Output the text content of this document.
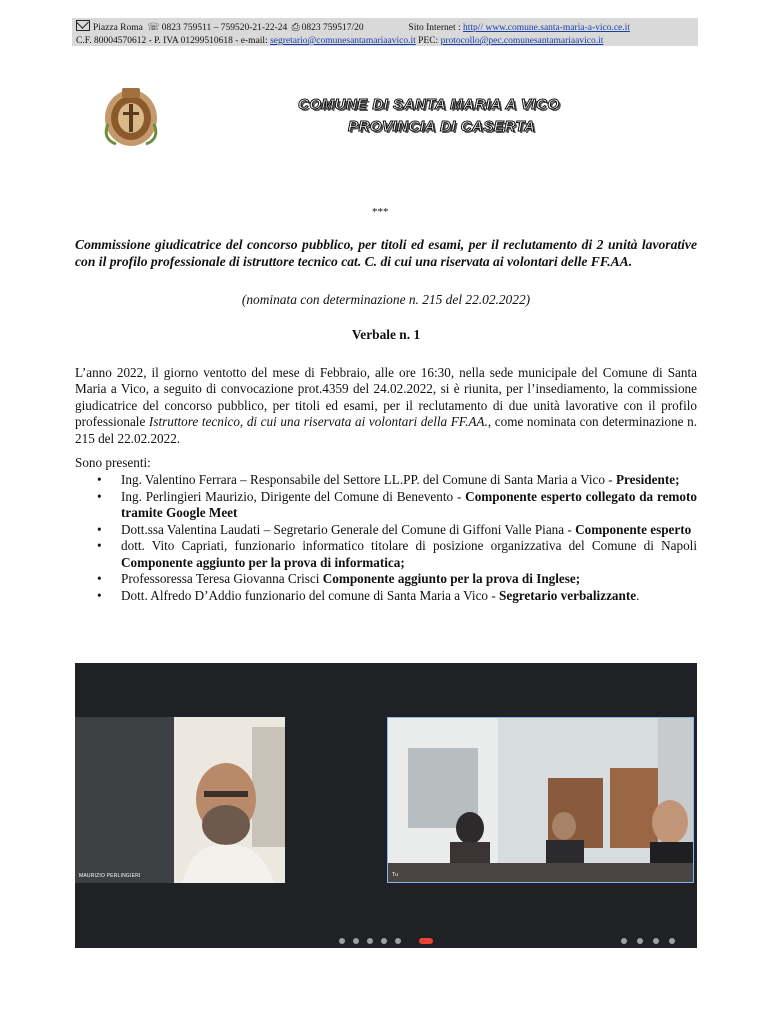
Piazza Roma ☏ 0823 759511 – 759520-21-22-24 ⎙ 0823 759517/20	Sito Internet : http// www.comune.santa-maria-a-vico.ce.it
C.F. 80004570612 - P. IVA 01299510618 - e-mail: segretario@comunesantamariaavico.it PEC: protocollo@pec.comunesantamariaavico.it
COMUNE DI SANTA MARIA A VICO
PROVINCIA DI CASERTA
***
Commissione giudicatrice del concorso pubblico, per titoli ed esami, per il reclutamento di 2 unità lavorative con il profilo professionale di istruttore tecnico cat. C. di cui una riservata ai volontari delle FF.AA.
(nominata con determinazione n. 215 del 22.02.2022)
Verbale n. 1
L’anno 2022, il giorno ventotto del mese di Febbraio, alle ore 16:30, nella sede municipale del Comune di Santa Maria a Vico, a seguito di convocazione prot.4359 del 24.02.2022, si è riunita, per l’insediamento, la commissione giudicatrice del concorso pubblico, per titoli ed esami, per il reclutamento di due unità lavorative con il profilo professionale Istruttore tecnico, di cui una riservata ai volontari della FF.AA., come nominata con determinazione n. 215 del 22.02.2022.
Sono presenti:
• Ing. Valentino Ferrara – Responsabile del Settore LL.PP. del Comune di Santa Maria a Vico - Presidente;
• Ing. Perlingieri Maurizio, Dirigente del Comune di Benevento - Componente esperto collegato da remoto tramite Google Meet
• Dott.ssa Valentina Laudati – Segretario Generale del Comune di Giffoni Valle Piana - Componente esperto
• dott. Vito Capriati, funzionario informatico titolare di posizione organizzativa del Comune di Napoli Componente aggiunto per la prova di informatica;
• Professoressa Teresa Giovanna Crisci Componente aggiunto per la prova di Inglese;
• Dott. Alfredo D’Addio funzionario del comune di Santa Maria a Vico - Segretario verbalizzante.
MAURIZIO PERLINGIERI	Tu
